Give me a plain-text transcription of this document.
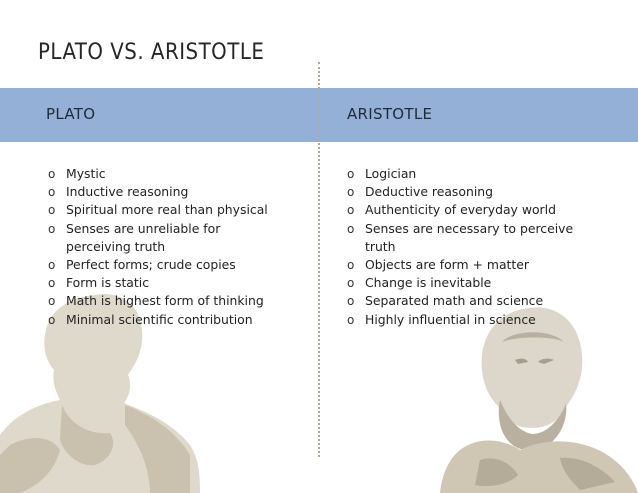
PLATO VS. ARISTOTLE
PLATO	ARISTOTLE
o Mystic
o Inductive reasoning
o Spiritual more real than physical
o Senses are unreliable for perceiving truth
o Perfect forms; crude copies
o Form is static
o Math is highest form of thinking
o Minimal scientific contribution
o Logician
o Deductive reasoning
o Authenticity of everyday world
o Senses are necessary to perceive truth
o Objects are form + matter
o Change is inevitable
o Separated math and science
o Highly influential in science
